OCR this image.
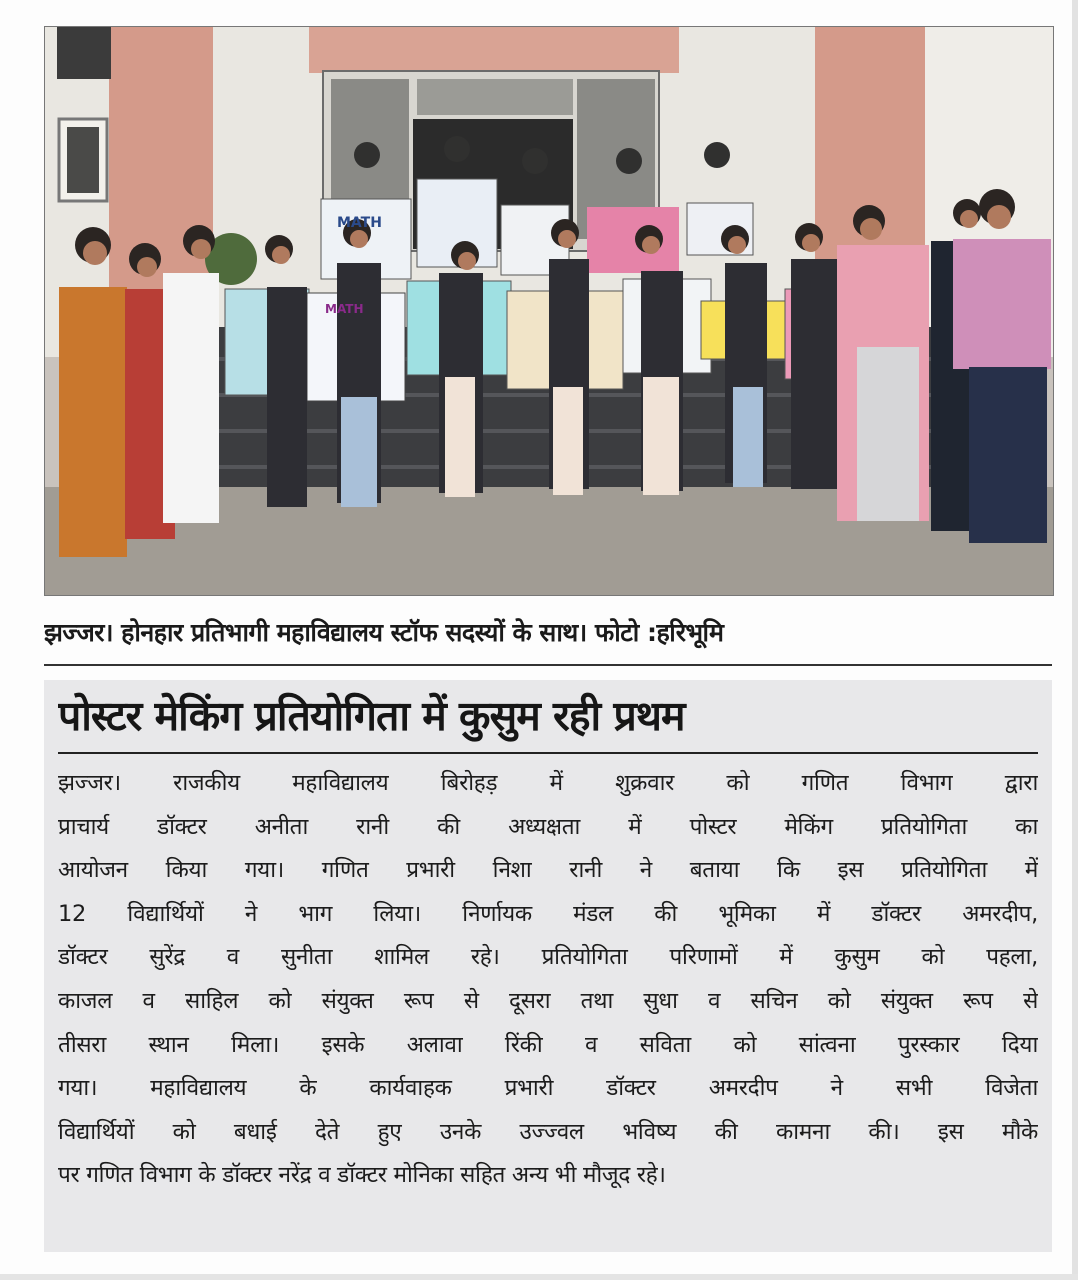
MATH
MATH
झज्जर। होनहार प्रतिभागी महाविद्यालय स्टॉफ सदस्यों के साथ। फोटो :हरिभूमि
पोस्टर मेकिंग प्रतियोगिता में कुसुम रही प्रथम
झज्जर। राजकीय महाविद्यालय बिरोहड़ में शुक्रवार को गणित विभाग द्वारा
प्राचार्य डॉक्टर अनीता रानी की अध्यक्षता में पोस्टर मेकिंग प्रतियोगिता का
आयोजन किया गया। गणित प्रभारी निशा रानी ने बताया कि इस प्रतियोगिता में
12 विद्यार्थियों ने भाग लिया। निर्णायक मंडल की भूमिका में डॉक्टर अमरदीप,
डॉक्टर सुरेंद्र व सुनीता शामिल रहे। प्रतियोगिता परिणामों में कुसुम को पहला,
काजल व साहिल को संयुक्त रूप से दूसरा तथा सुधा व सचिन को संयुक्त रूप से
तीसरा स्थान मिला। इसके अलावा रिंकी व सविता को सांत्वना पुरस्कार दिया
गया। महाविद्यालय के कार्यवाहक प्रभारी डॉक्टर अमरदीप ने सभी विजेता
विद्यार्थियों को बधाई देते हुए उनके उज्ज्वल भविष्य की कामना की। इस मौके
पर गणित विभाग के डॉक्टर नरेंद्र व डॉक्टर मोनिका सहित अन्य भी मौजूद रहे।
